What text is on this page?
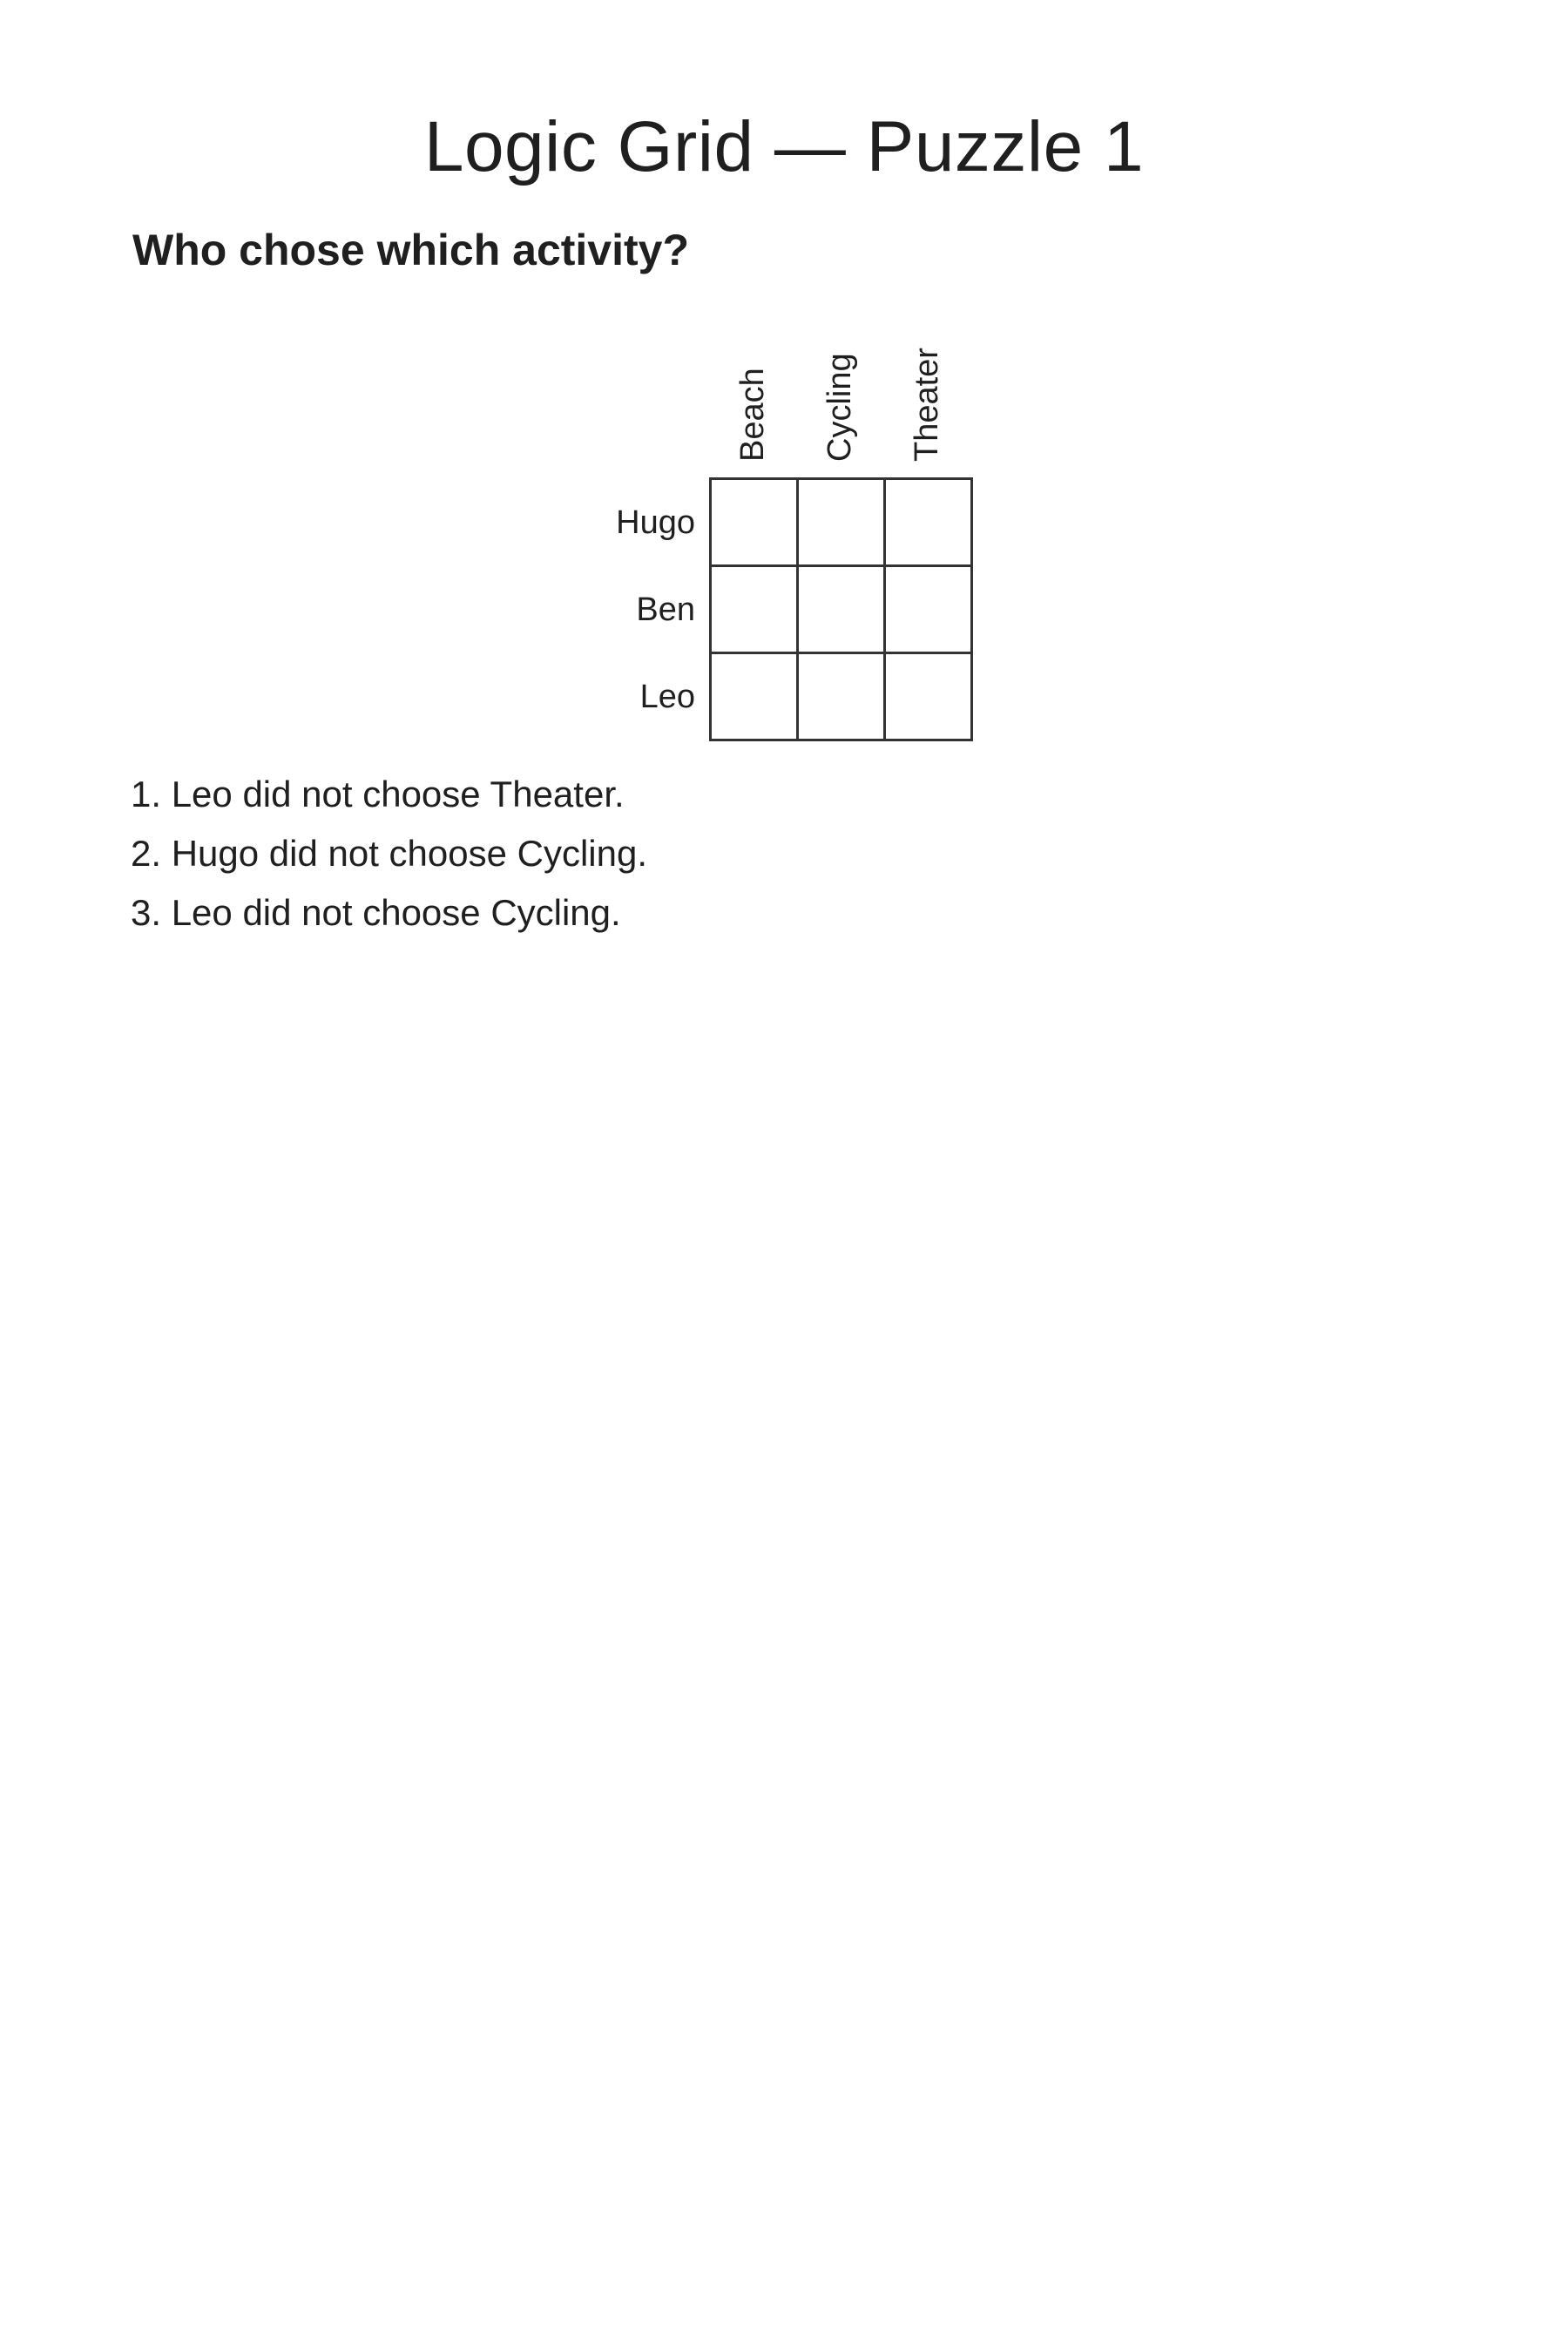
Logic Grid — Puzzle 1
Who chose which activity?
Beach Cycling Theater
Hugo
Ben
Leo
1. Leo did not choose Theater.
2. Hugo did not choose Cycling.
3. Leo did not choose Cycling.
